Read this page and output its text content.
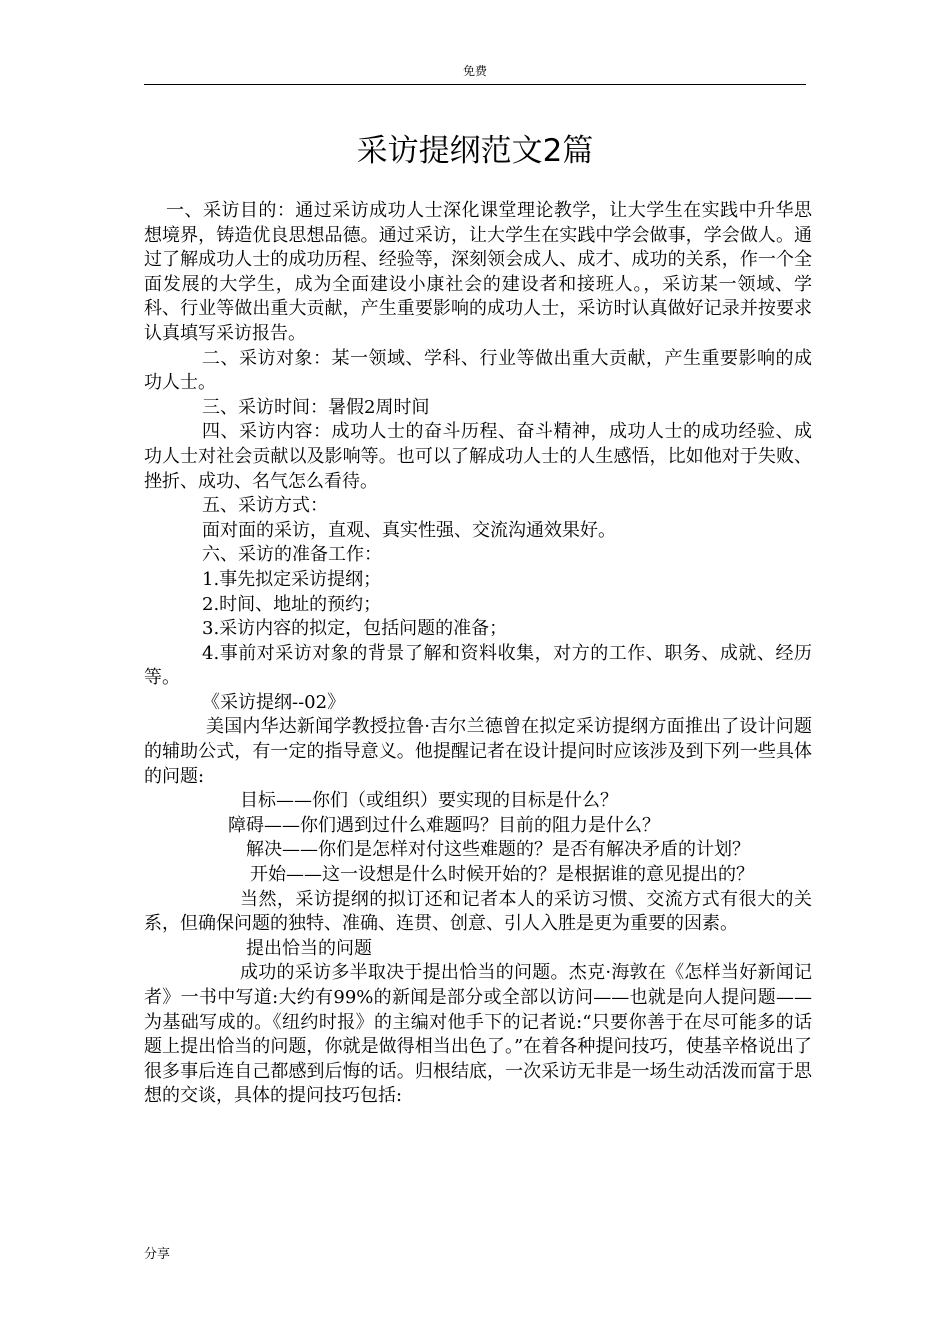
免费
采访提纲范文2篇

一、采访目的：通过采访成功人士深化课堂理论教学，让大学生在实践中升华思想境界，铸造优良思想品德。通过采访，让大学生在实践中学会做事，学会做人。通过了解成功人士的成功历程、经验等，深刻领会成人、成才、成功的关系，作一个全面发展的大学生，成为全面建设小康社会的建设者和接班人。，采访某一领域、学科、行业等做出重大贡献，产生重要影响的成功人士，采访时认真做好记录并按要求认真填写采访报告。

二、采访对象：某一领域、学科、行业等做出重大贡献，产生重要影响的成功人士。

三、采访时间：暑假2周时间

四、采访内容：成功人士的奋斗历程、奋斗精神，成功人士的成功经验、成功人士对社会贡献以及影响等。也可以了解成功人士的人生感悟，比如他对于失败、挫折、成功、名气怎么看待。

五、采访方式：

面对面的采访，直观、真实性强、交流沟通效果好。

六、采访的准备工作：

1.事先拟定采访提纲；

2.时间、地址的预约；

3.采访内容的拟定，包括问题的准备；

4.事前对采访对象的背景了解和资料收集，对方的工作、职务、成就、经历等。

《采访提纲--02》

美国内华达新闻学教授拉鲁·吉尔兰德曾在拟定采访提纲方面推出了设计问题的辅助公式，有一定的指导意义。他提醒记者在设计提问时应该涉及到下列一些具体的问题:

目标——你们（或组织）要实现的目标是什么？

障碍——你们遇到过什么难题吗？目前的阻力是什么？

解决——你们是怎样对付这些难题的？是否有解决矛盾的计划？

开始——这一设想是什么时候开始的？是根据谁的意见提出的？

当然，采访提纲的拟订还和记者本人的采访习惯、交流方式有很大的关系，但确保问题的独特、准确、连贯、创意、引人入胜是更为重要的因素。

提出恰当的问题

成功的采访多半取决于提出恰当的问题。杰克·海敦在《怎样当好新闻记者》一书中写道:大约有99%的新闻是部分或全部以访问——也就是向人提问题——为基础写成的。《纽约时报》的主编对他手下的记者说:“只要你善于在尽可能多的话题上提出恰当的问题，你就是做得相当出色了。”在着各种提问技巧，使基辛格说出了很多事后连自己都感到后悔的话。归根结底，一次采访无非是一场生动活泼而富于思想的交谈，具体的提问技巧包括:

分享
